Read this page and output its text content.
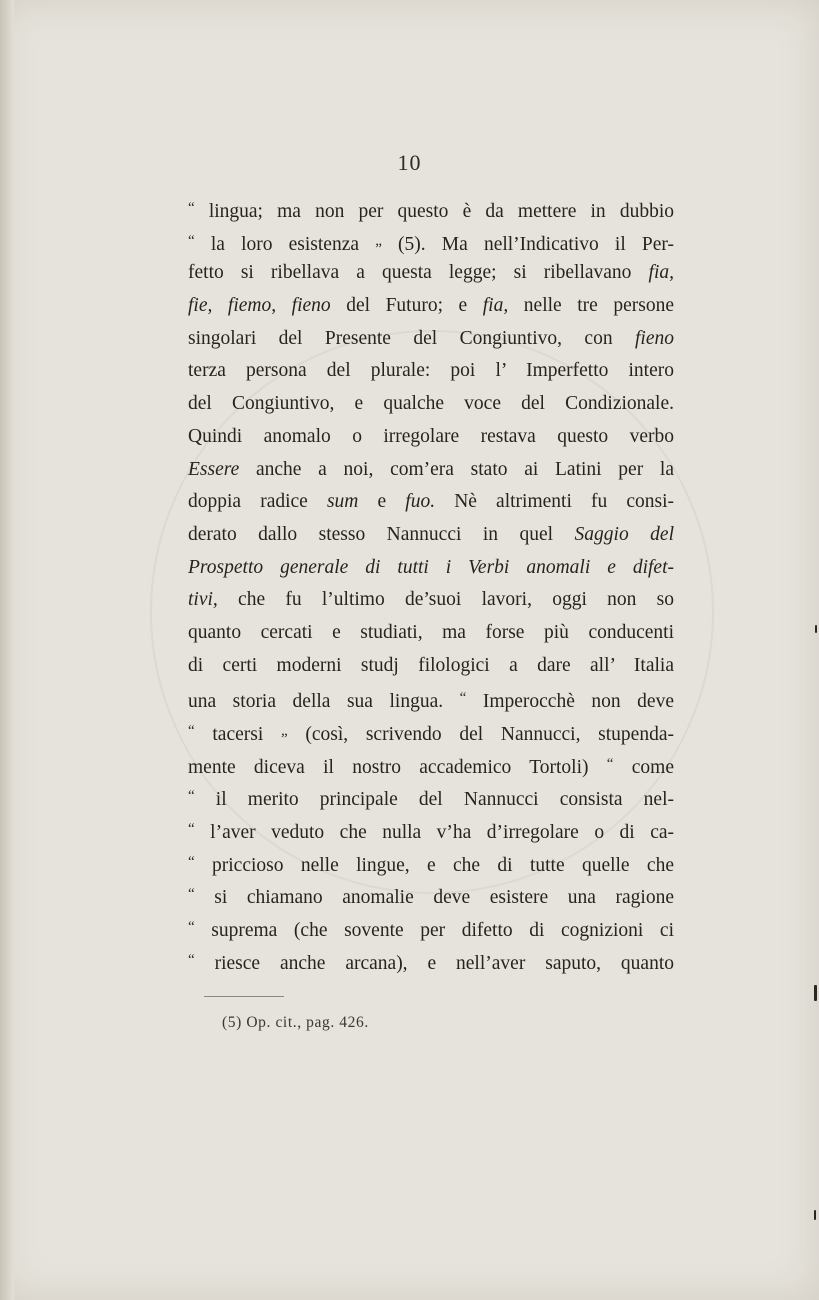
10
“ lingua; ma non per questo è da mettere in dubbio
“ la loro esistenza „ (5). Ma nell’Indicativo il Per-
fetto si ribellava a questa legge; si ribellavano fia,
fie, fiemo, fieno del Futuro; e fia, nelle tre persone
singolari del Presente del Congiuntivo, con fieno
terza persona del plurale: poi l’ Imperfetto intero
del Congiuntivo, e qualche voce del Condizionale.
Quindi anomalo o irregolare restava questo verbo
Essere anche a noi, com’era stato ai Latini per la
doppia radice sum e fuo. Nè altrimenti fu consi-
derato dallo stesso Nannucci in quel Saggio del
Prospetto generale di tutti i Verbi anomali e difet-
tivi, che fu l’ultimo de’suoi lavori, oggi non so
quanto cercati e studiati, ma forse più conducenti
di certi moderni studj filologici a dare all’ Italia
una storia della sua lingua. “ Imperocchè non deve
“ tacersi „ (così, scrivendo del Nannucci, stupenda-
mente diceva il nostro accademico Tortoli) “ come
“ il merito principale del Nannucci consista nel-
“ l’aver veduto che nulla v’ha d’irregolare o di ca-
“ priccioso nelle lingue, e che di tutte quelle che
“ si chiamano anomalie deve esistere una ragione
“ suprema (che sovente per difetto di cognizioni ci
“ riesce anche arcana), e nell’aver saputo, quanto
(5) Op. cit., pag. 426.
